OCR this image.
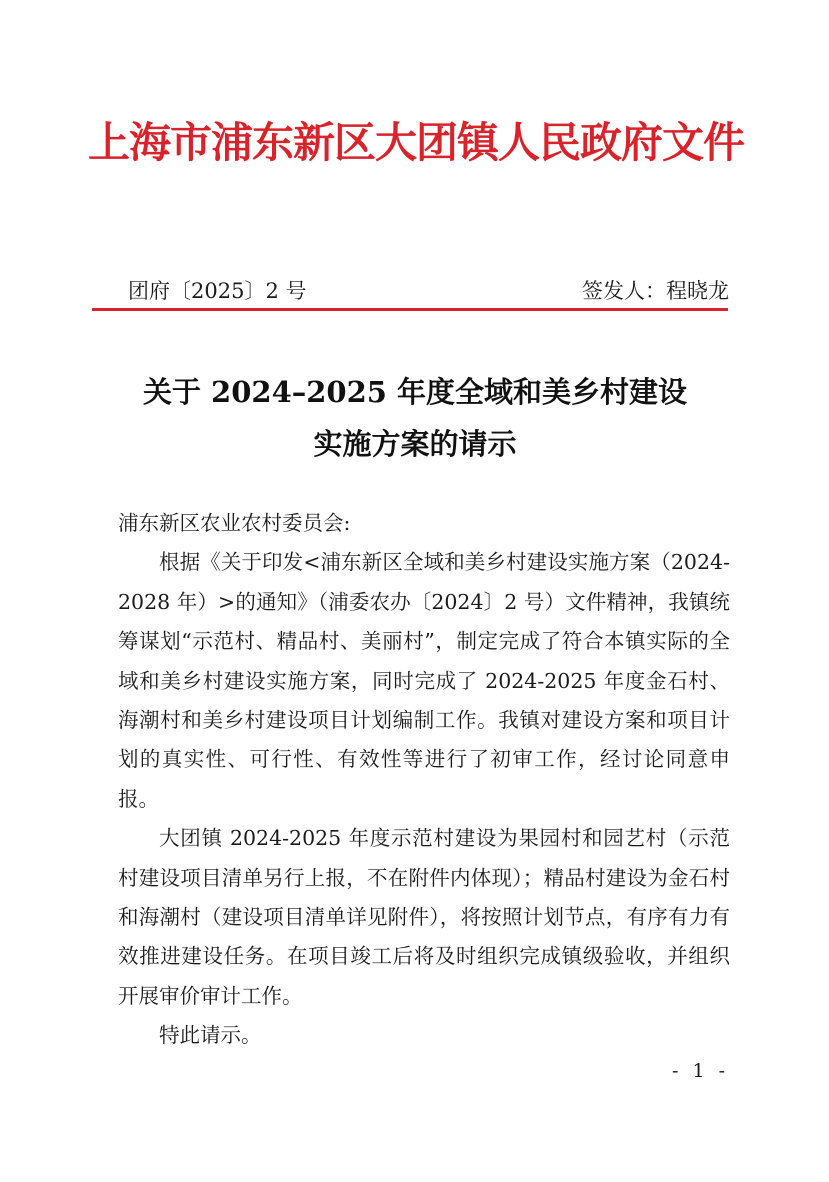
上海市浦东新区大团镇人民政府文件
团府〔2025〕2 号	签发人：程晓龙
关于 2024–2025 年度全域和美乡村建设
实施方案的请示

浦东新区农业农村委员会:

根据《关于印发<浦东新区全域和美乡村建设实施方案（2024-2028 年）>的通知》（浦委农办〔2024〕2 号）文件精神，我镇统筹谋划“示范村、精品村、美丽村”，制定完成了符合本镇实际的全域和美乡村建设实施方案，同时完成了 2024-2025 年度金石村、海潮村和美乡村建设项目计划编制工作。我镇对建设方案和项目计划的真实性、可行性、有效性等进行了初审工作，经讨论同意申报。

大团镇 2024-2025 年度示范村建设为果园村和园艺村（示范村建设项目清单另行上报，不在附件内体现）；精品村建设为金石村和海潮村（建设项目清单详见附件），将按照计划节点，有序有力有效推进建设任务。在项目竣工后将及时组织完成镇级验收，并组织开展审价审计工作。

特此请示。

- 1 -
